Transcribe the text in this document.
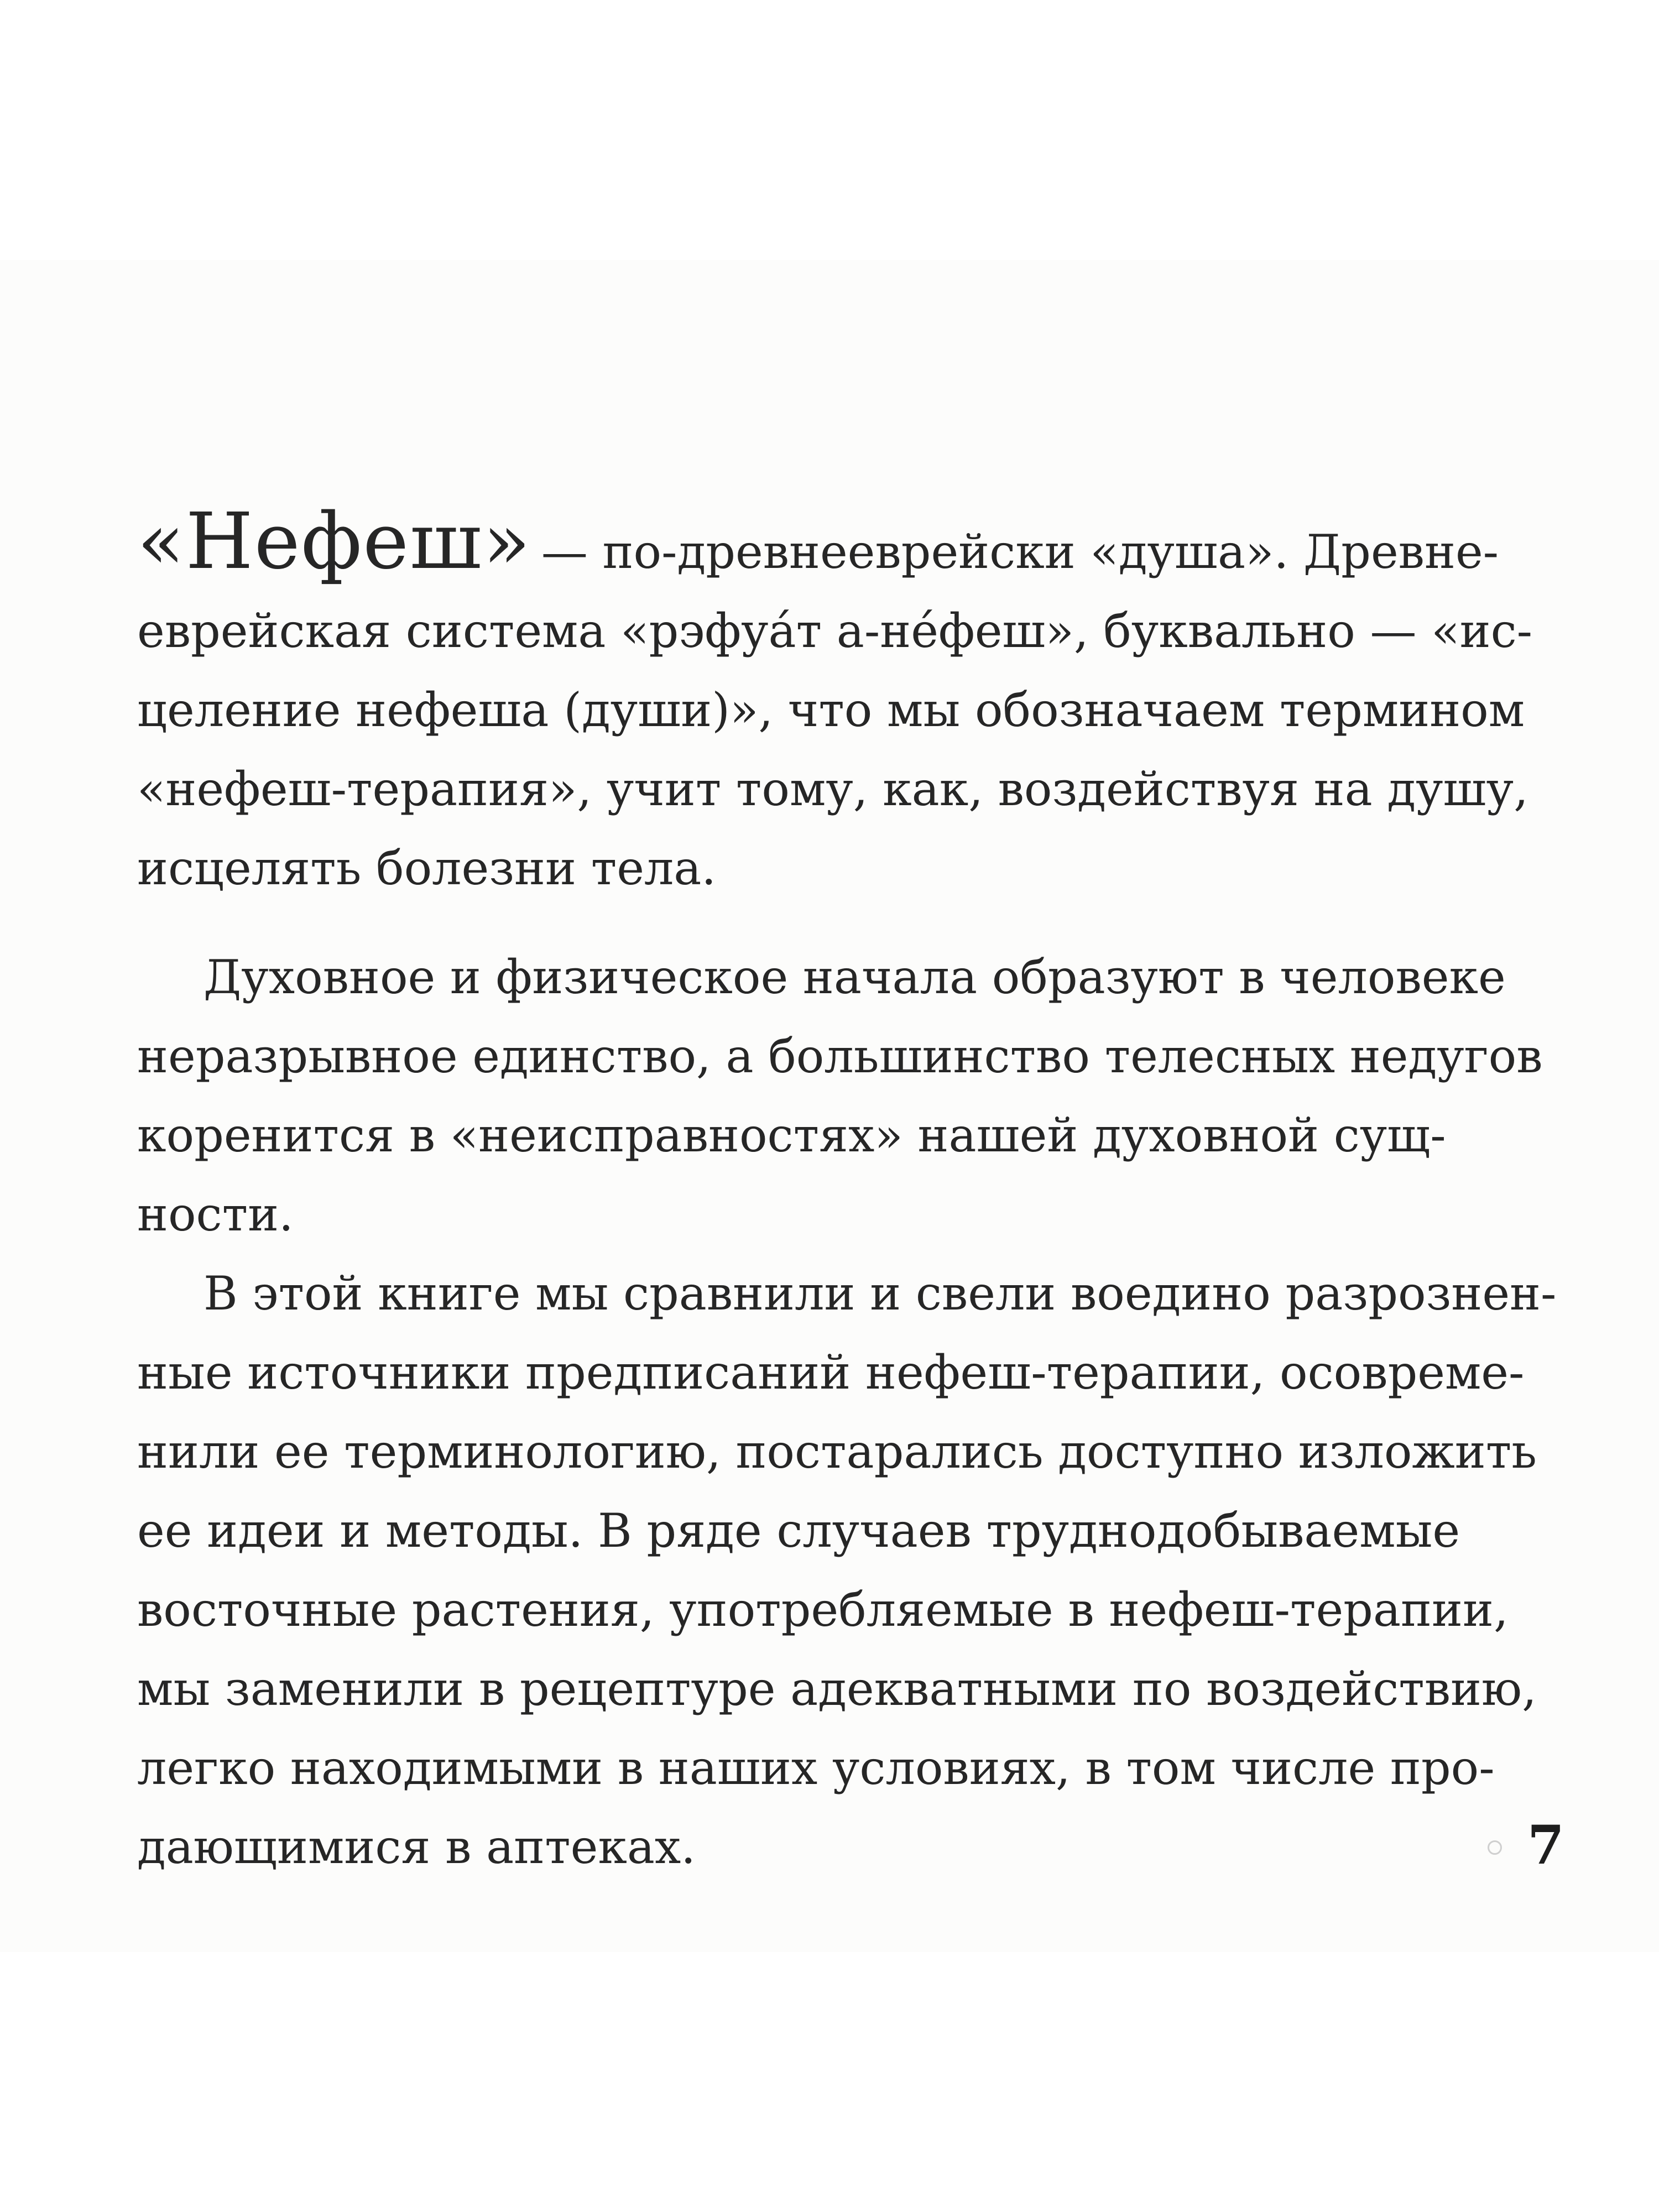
«Нефеш» — по-древнееврейски «душа». Древне-
еврейская система «рэфуáт а-нéфеш», буквально — «ис-
целение нефеша (души)», что мы обозначаем термином
«нефеш-терапия», учит тому, как, воздействуя на душу,
исцелять болезни тела.

Духовное и физическое начала образуют в человеке
неразрывное единство, а большинство телесных недугов
коренится в «неисправностях» нашей духовной сущ-
ности.

В этой книге мы сравнили и свели воедино разрознен-
ные источники предписаний нефеш-терапии, осовреме-
нили ее терминологию, постарались доступно изложить
ее идеи и методы. В ряде случаев труднодобываемые
восточные растения, употребляемые в нефеш-терапии,
мы заменили в рецептуре адекватными по воздействию,
легко находимыми в наших условиях, в том числе про-
дающимися в аптеках.	7
